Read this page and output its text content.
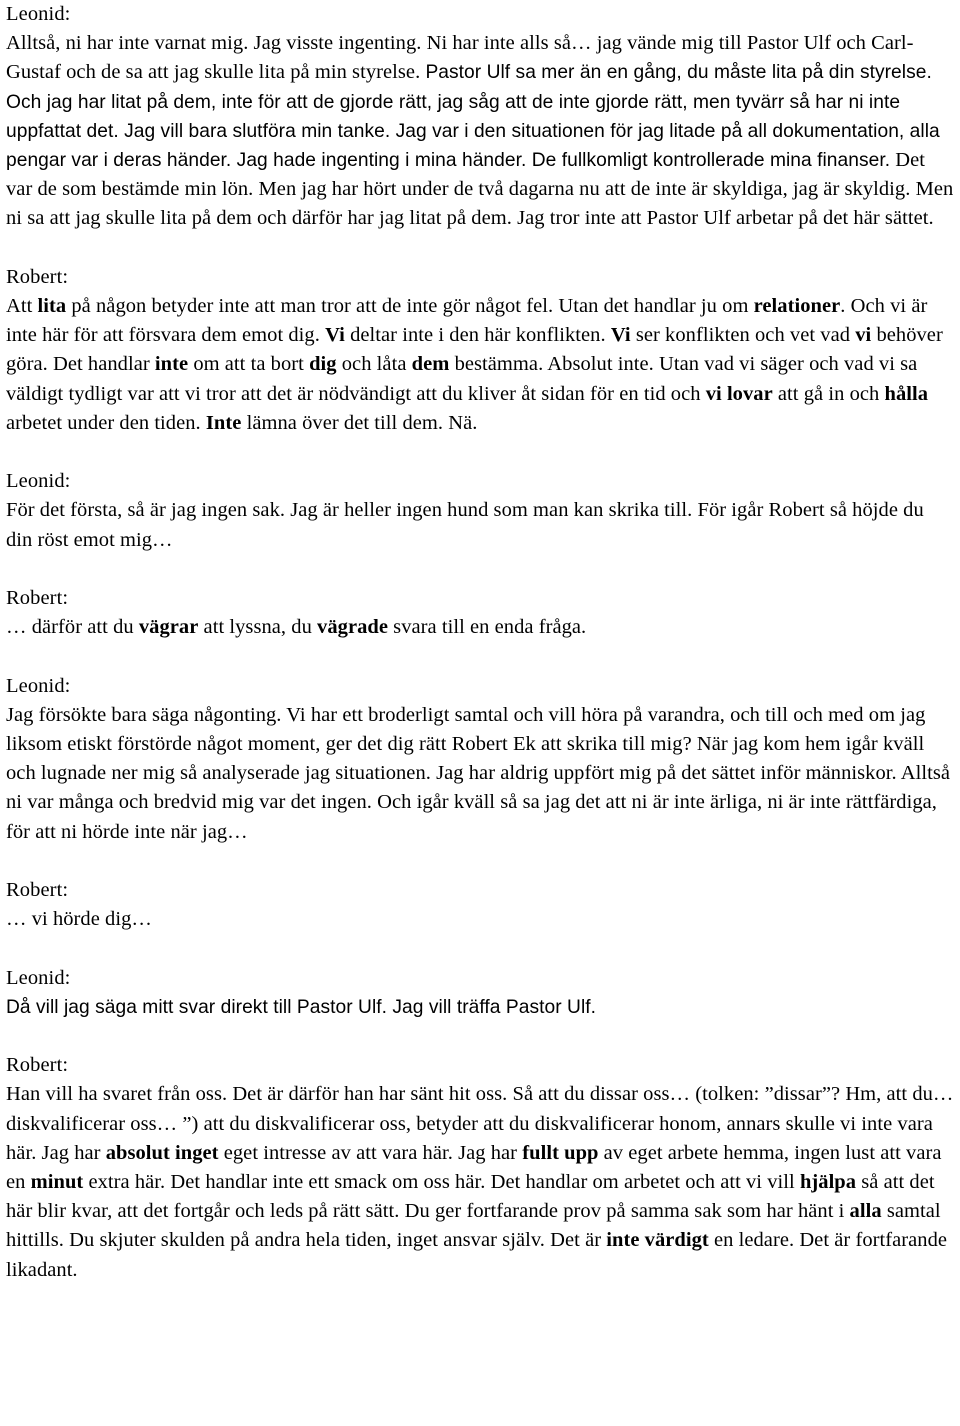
Leonid:

Alltså, ni har inte varnat mig. Jag visste ingenting. Ni har inte alls så… jag vände mig till Pastor Ulf och Carl-Gustaf och de sa att jag skulle lita på min styrelse. Pastor Ulf sa mer än en gång, du måste lita på din styrelse. Och jag har litat på dem, inte för att de gjorde rätt, jag såg att de inte gjorde rätt, men tyvärr så har ni inte uppfattat det. Jag vill bara slutföra min tanke. Jag var i den situationen för jag litade på all dokumentation, alla pengar var i deras händer. Jag hade ingenting i mina händer. De fullkomligt kontrollerade mina finanser. Det var de som bestämde min lön. Men jag har hört under de två dagarna nu att de inte är skyldiga, jag är skyldig. Men ni sa att jag skulle lita på dem och därför har jag litat på dem. Jag tror inte att Pastor Ulf arbetar på det här sättet.

Robert:

Att lita på någon betyder inte att man tror att de inte gör något fel. Utan det handlar ju om relationer. Och vi är inte här för att försvara dem emot dig. Vi deltar inte i den här konflikten. Vi ser konflikten och vet vad vi behöver göra. Det handlar inte om att ta bort dig och låta dem bestämma. Absolut inte. Utan vad vi säger och vad vi sa väldigt tydligt var att vi tror att det är nödvändigt att du kliver åt sidan för en tid och vi lovar att gå in och hålla arbetet under den tiden. Inte lämna över det till dem. Nä.

Leonid:

För det första, så är jag ingen sak. Jag är heller ingen hund som man kan skrika till. För igår Robert så höjde du din röst emot mig…

Robert:

… därför att du vägrar att lyssna, du vägrade svara till en enda fråga.

Leonid:

Jag försökte bara säga någonting. Vi har ett broderligt samtal och vill höra på varandra, och till och med om jag liksom etiskt förstörde något moment, ger det dig rätt Robert Ek att skrika till mig? När jag kom hem igår kväll och lugnade ner mig så analyserade jag situationen. Jag har aldrig uppfört mig på det sättet inför människor. Alltså ni var många och bredvid mig var det ingen. Och igår kväll så sa jag det att ni är inte ärliga, ni är inte rättfärdiga, för att ni hörde inte när jag…

Robert:

… vi hörde dig…

Leonid:

Då vill jag säga mitt svar direkt till Pastor Ulf. Jag vill träffa Pastor Ulf.

Robert:

Han vill ha svaret från oss. Det är därför han har sänt hit oss. Så att du dissar oss… (tolken: ”dissar”? Hm, att du… diskvalificerar oss… ”) att du diskvalificerar oss, betyder att du diskvalificerar honom, annars skulle vi inte vara här. Jag har absolut inget eget intresse av att vara här. Jag har fullt upp av eget arbete hemma, ingen lust att vara en minut extra här. Det handlar inte ett smack om oss här. Det handlar om arbetet och att vi vill hjälpa så att det här blir kvar, att det fortgår och leds på rätt sätt. Du ger fortfarande prov på samma sak som har hänt i alla samtal hittills. Du skjuter skulden på andra hela tiden, inget ansvar själv. Det är inte värdigt en ledare. Det är fortfarande likadant.
